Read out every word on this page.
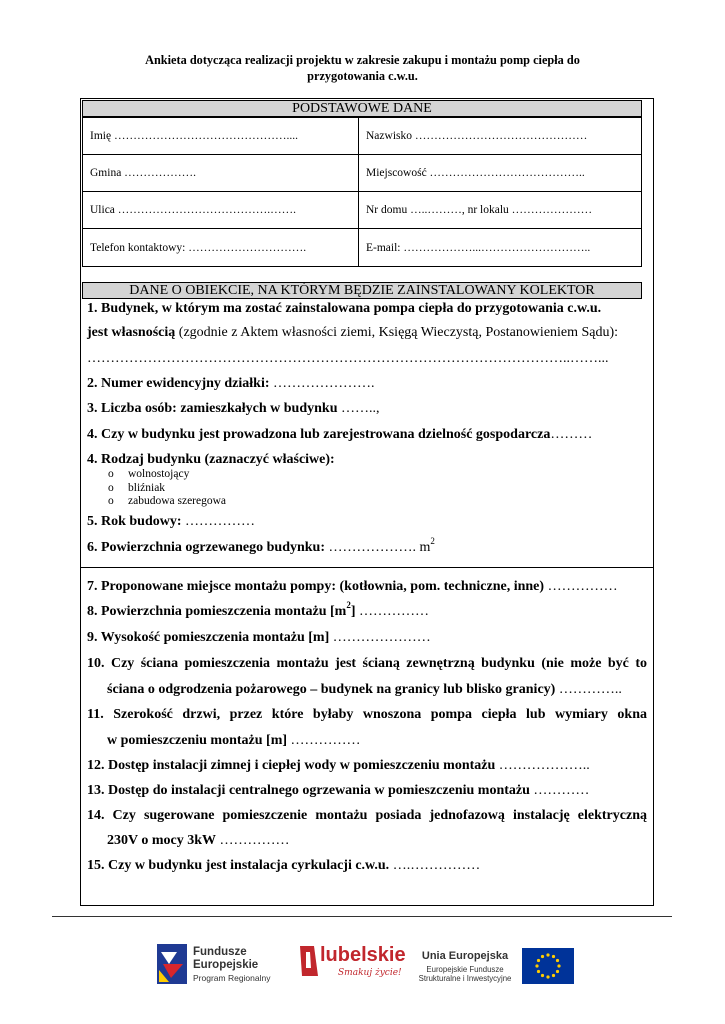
Ankieta dotycząca realizacji projektu w zakresie zakupu i montażu pomp ciepła do
przygotowania c.w.u.
PODSTAWOWE DANE
Imię ………………………………………....	Nazwisko ………………………………………
Gmina ……………….	Miejscowość …………………………………..
Ulica ………………………………….…….	Nr domu …..………, nr lokalu …………………
Telefon kontaktowy: ………………………….	E-mail: ………………...………………………..
DANE O OBIEKCIE, NA KTÓRYM BĘDZIE ZAINSTALOWANY KOLEKTOR
1. Budynek, w którym ma zostać zainstalowana pompa ciepła do przygotowania c.w.u.
jest własnością (zgodnie z Aktem własności ziemi, Księgą Wieczystą, Postanowieniem Sądu):
…………………………………………………………………………………………..……...
2. Numer ewidencyjny działki: ………………….
3. Liczba osób: zamieszkałych w budynku ……..,
4. Czy w budynku jest prowadzona lub zarejestrowana dzielność gospodarcza………
4. Rodzaj budynku (zaznaczyć właściwe):
o wolnostojący
o bliźniak
o zabudowa szeregowa
5. Rok budowy: ……………
6. Powierzchnia ogrzewanego budynku: ………………. $m^2$
7. Proponowane miejsce montażu pompy: (kotłownia, pom. techniczne, inne) ……………
8. Powierzchnia pomieszczenia montażu $[m^2]$ ……………
9. Wysokość pomieszczenia montażu [m] …………………
10. Czy ściana pomieszczenia montażu jest ścianą zewnętrzną budynku (nie może być to
ściana o odgrodzenia pożarowego – budynek na granicy lub blisko granicy) …………..
11. Szerokość drzwi, przez które byłaby wnoszona pompa ciepła lub wymiary okna
w pomieszczeniu montażu [m] ……………
12. Dostęp instalacji zimnej i ciepłej wody w pomieszczeniu montażu ………………..
13. Dostęp do instalacji centralnego ogrzewania w pomieszczeniu montażu …………
14. Czy sugerowane pomieszczenie montażu posiada jednofazową instalację elektryczną
230V o mocy 3kW ……………
15. Czy w budynku jest instalacja cyrkulacji c.w.u. ….……………
Fundusze
Europejskie
Program Regionalny
lubelskie
Smakuj życie!
Unia Europejska
Europejskie Fundusze
Strukturalne i Inwestycyjne
